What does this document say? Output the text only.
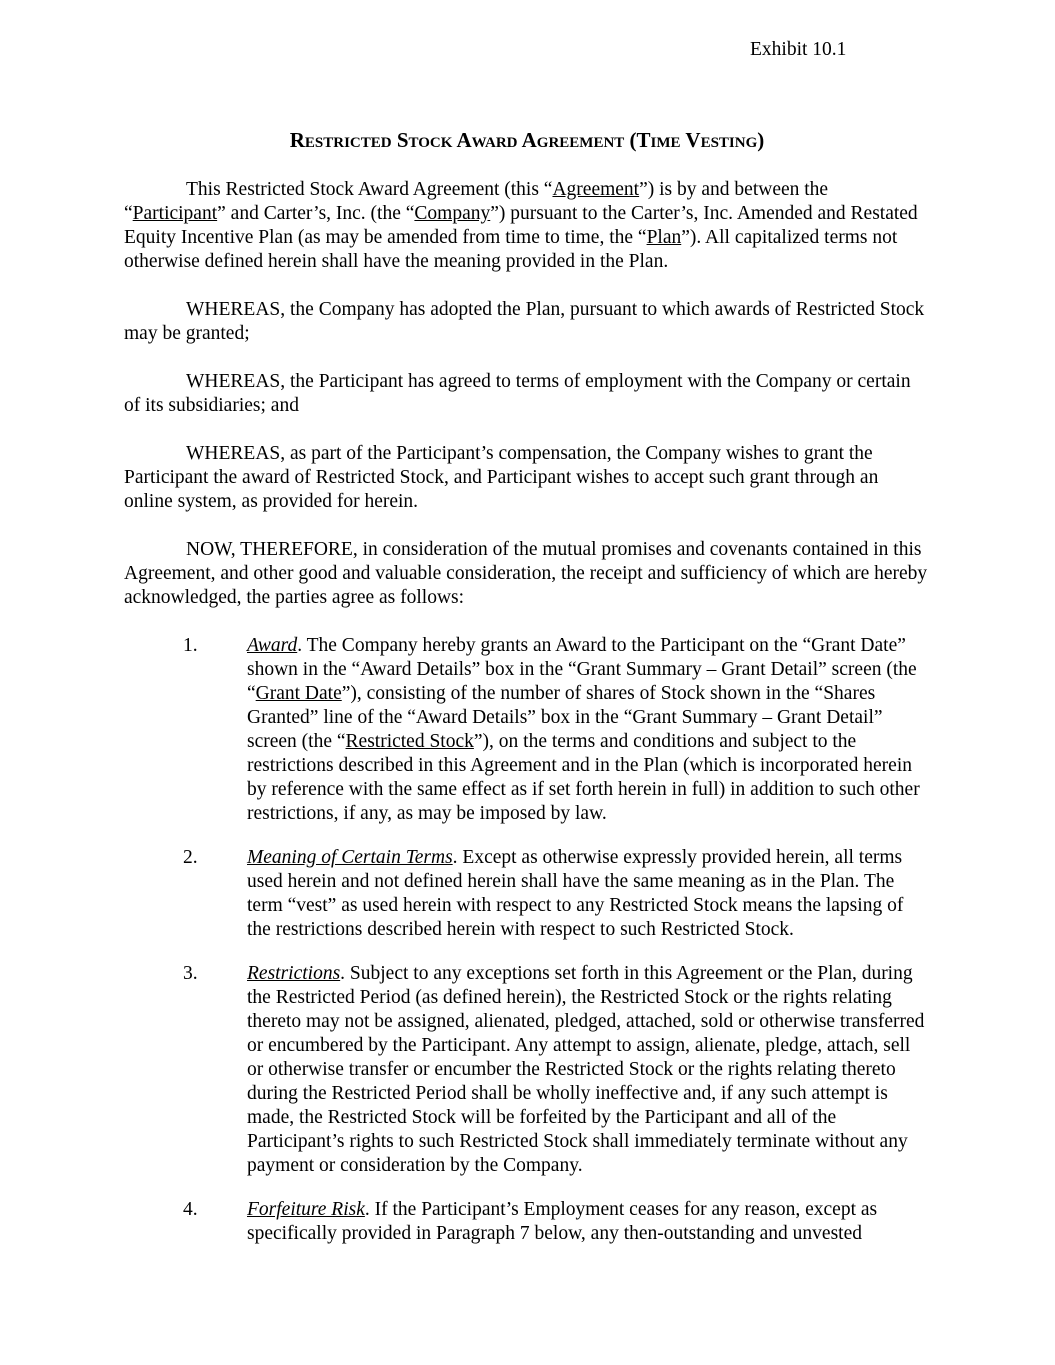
Exhibit 10.1
Restricted Stock Award Agreement (Time Vesting)

This Restricted Stock Award Agreement (this “Agreement”) is by and between the “Participant” and Carter’s, Inc. (the “Company”) pursuant to the Carter’s, Inc. Amended and Restated Equity Incentive Plan (as may be amended from time to time, the “Plan”). All capitalized terms not otherwise defined herein shall have the meaning provided in the Plan.

WHEREAS, the Company has adopted the Plan, pursuant to which awards of Restricted Stock may be granted;

WHEREAS, the Participant has agreed to terms of employment with the Company or certain of its subsidiaries; and

WHEREAS, as part of the Participant’s compensation, the Company wishes to grant the Participant the award of Restricted Stock, and Participant wishes to accept such grant through an online system, as provided for herein.

NOW, THEREFORE, in consideration of the mutual promises and covenants contained in this Agreement, and other good and valuable consideration, the receipt and sufficiency of which are hereby acknowledged, the parties agree as follows:

1.	Award. The Company hereby grants an Award to the Participant on the “Grant Date” shown in the “Award Details” box in the “Grant Summary – Grant Detail” screen (the “Grant Date”), consisting of the number of shares of Stock shown in the “Shares Granted” line of the “Award Details” box in the “Grant Summary – Grant Detail” screen (the “Restricted Stock”), on the terms and conditions and subject to the restrictions described in this Agreement and in the Plan (which is incorporated herein by reference with the same effect as if set forth herein in full) in addition to such other restrictions, if any, as may be imposed by law.
2.	Meaning of Certain Terms. Except as otherwise expressly provided herein, all terms used herein and not defined herein shall have the same meaning as in the Plan. The term “vest” as used herein with respect to any Restricted Stock means the lapsing of the restrictions described herein with respect to such Restricted Stock.
3.	Restrictions. Subject to any exceptions set forth in this Agreement or the Plan, during the Restricted Period (as defined herein), the Restricted Stock or the rights relating thereto may not be assigned, alienated, pledged, attached, sold or otherwise transferred or encumbered by the Participant. Any attempt to assign, alienate, pledge, attach, sell or otherwise transfer or encumber the Restricted Stock or the rights relating thereto during the Restricted Period shall be wholly ineffective and, if any such attempt is made, the Restricted Stock will be forfeited by the Participant and all of the Participant’s rights to such Restricted Stock shall immediately terminate without any payment or consideration by the Company.
4.	Forfeiture Risk. If the Participant’s Employment ceases for any reason, except as specifically provided in Paragraph 7 below, any then-outstanding and unvested
